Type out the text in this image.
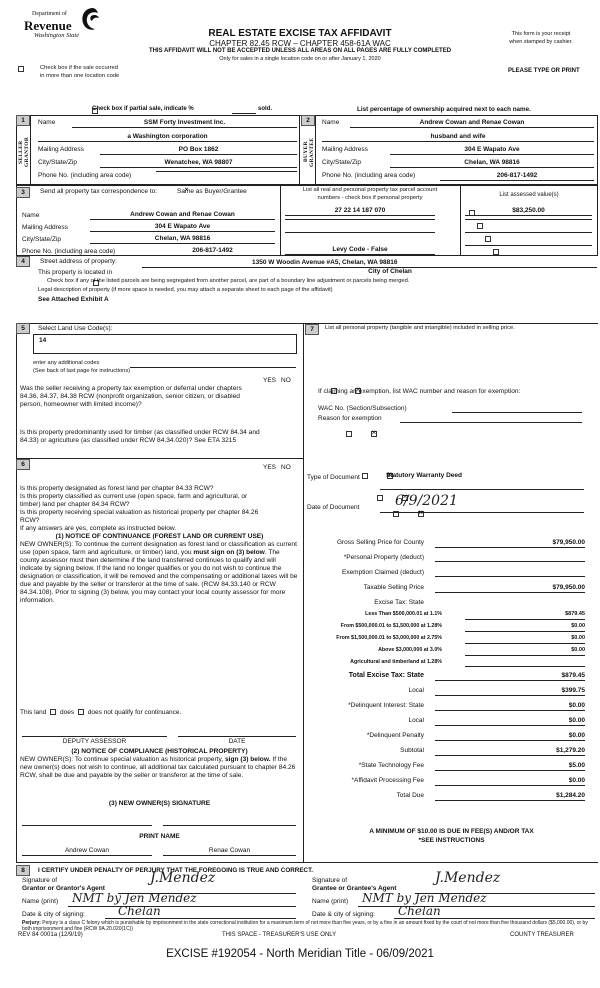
Department of
Revenue
Washington State	REAL ESTATE EXCISE TAX AFFIDAVIT
CHAPTER 82.45 RCW – CHAPTER 458-61A WAC
THIS AFFIDAVIT WILL NOT BE ACCEPTED UNLESS ALL AREAS ON ALL PAGES ARE FULLY COMPLETED
Only for sales in a single location code on or after January 1, 2020
This form is your receipt
when stamped by cashier.

Check box if the sale occurred
in more than one location code
PLEASE TYPE OR PRINT

Check box if partial sale, indicate %	sold.	List percentage of ownership acquired next to each name.
1
SELLER GRANTOR
Name	SSM Forty Investment Inc.
a Washington corporation
Mailing Address	PO Box 1862
City/State/Zip	Wenatchee, WA 98807
Phone No. (including area code)
2
BUYER GRANTEE
Name	Andrew Cowan and Renae Cowan
husband and wife
Mailing Address	304 E Wapato Ave
City/State/Zip	Chelan, WA 98816
Phone No. (including area code)	206-817-1492
3	Send all property tax correspondence to: ×	Same as Buyer/Grantee
Name	Andrew Cowan and Renae Cowan
Mailing Address	304 E Wapato Ave
City/State/Zip	Chelan, WA 98816
Phone No. (including area code)	206-817-1492
List all real and personal property tax parcel account
numbers - check box if personal property	List assessed value(s)
27 22 14 187 070
	$83,250.00

Levy Code - False

4	Street address of property:	1350 W Woodin Avenue #A5, Chelan, WA 98816
This property is located in	City of Chelan

Check box if any of the listed parcels are being segregated from another parcel, are part of a boundary line adjustment or parcels being merged.
Legal description of property (if more space is needed, you may attach a separate sheet to each page of the affidavit)
See Attached Exhibit A
5	Select Land Use Code(s):
14
enter any additional codes
(See back of last page for instructions)
YES NO
Was the seller receiving a property tax exemption or deferral under chapters 84.36, 84.37, 84.38 RCW (nonprofit organization, senior citizen, or disabled person, homeowner with limited income)?
×
Is this property predominantly used for timber (as classified under RCW 84.34 and 84.33) or agriculture (as classified under RCW 84.34.020)? See ETA 3215
×
6	YES NO
×
Is this property designated as forest land per chapter 84.33 RCW?
Is this property classified as current use (open space, farm and agricultural, or timber) land per chapter 84.34 RCW?
×
Is this property receiving special valuation as historical property per chapter 84.26 RCW?
×
If any answers are yes, complete as instructed below.
(1) NOTICE OF CONTINUANCE (FOREST LAND OR CURRENT USE)
NEW OWNER(S): To continue the current designation as forest land or classification as current use (open space, farm and agriculture, or timber) land, you must sign on (3) below. The county assessor must then determine if the land transferred continues to qualify and will indicate by signing below. If the land no longer qualifies or you do not wish to continue the designation or classification, it will be removed and the compensating or additional taxes will be due and payable by the seller or transferor at the time of sale. (RCW 84.33.140 or RCW 84.34.108). Prior to signing (3) below, you may contact your local county assessor for more information.
This land does does not qualify for continuance.
DEPUTY ASSESSOR	DATE
(2) NOTICE OF COMPLIANCE (HISTORICAL PROPERTY)
NEW OWNER(S): To continue special valuation as historical property, sign (3) below. If the new owner(s) does not wish to continue, all additional tax calculated pursuant to chapter 84.26 RCW, shall be due and payable by the seller or transferor at the time of sale.
(3) NEW OWNER(S) SIGNATURE
PRINT NAME
Andrew Cowan	Renae Cowan
7	List all personal property (tangible and intangible) included in selling price.
If claiming an exemption, list WAC number and reason for exemption:
WAC No. (Section/Subsection)
Reason for exemption
Type of Document	Statutory Warranty Deed
Date of Document	6/9/2021
Gross Selling Price for County	$79,950.00
*Personal Property (deduct)
Exemption Claimed (deduct)
Taxable Selling Price	$79,950.00
Excise Tax: State
Less Than $500,000.01 at 1.1%	$879.45
From $500,000.01 to $1,500,000 at 1.28%	$0.00
From $1,500,000.01 to $3,000,000 at 2.75%	$0.00
Above $3,000,000 at 3.0%	$0.00
Agricultural and timberland at 1.28%
Total Excise Tax: State	$879.45
Local	$399.75
*Delinquent Interest: State	$0.00
Local	$0.00
*Delinquent Penalty	$0.00
Subtotal	$1,279.20
*State Technology Fee	$5.00
*Affidavit Processing Fee	$0.00
Total Due	$1,284.20
A MINIMUM OF $10.00 IS DUE IN FEE(S) AND/OR TAX
*SEE INSTRUCTIONS
8	I CERTIFY UNDER PENALTY OF PERJURY THAT THE FOREGOING IS TRUE AND CORRECT.
Signature of
Grantor or Grantor's Agent
J.Mendez
Name (print) NMT by Jen Mendez
Date & city of signing:	Chelan
Signature of
Grantee or Grantee's Agent
J.Mendez
Name (print) NMT by Jen Mendez
Date & city of signing: Chelan
Perjury: Perjury is a class C felony which is punishable by imprisonment in the state correctional institution for a maximum term of not more than five years, or by a fine in an amount fixed by the court of not more than five thousand dollars ($5,000.00), or by both imprisonment and fine (RCW 9A.20.020(1C))
REV 84 0001a (12/9/19)	THIS SPACE - TREASURER'S USE ONLY	COUNTY TREASURER
EXCISE #192054 - North Meridian Title - 06/09/2021
